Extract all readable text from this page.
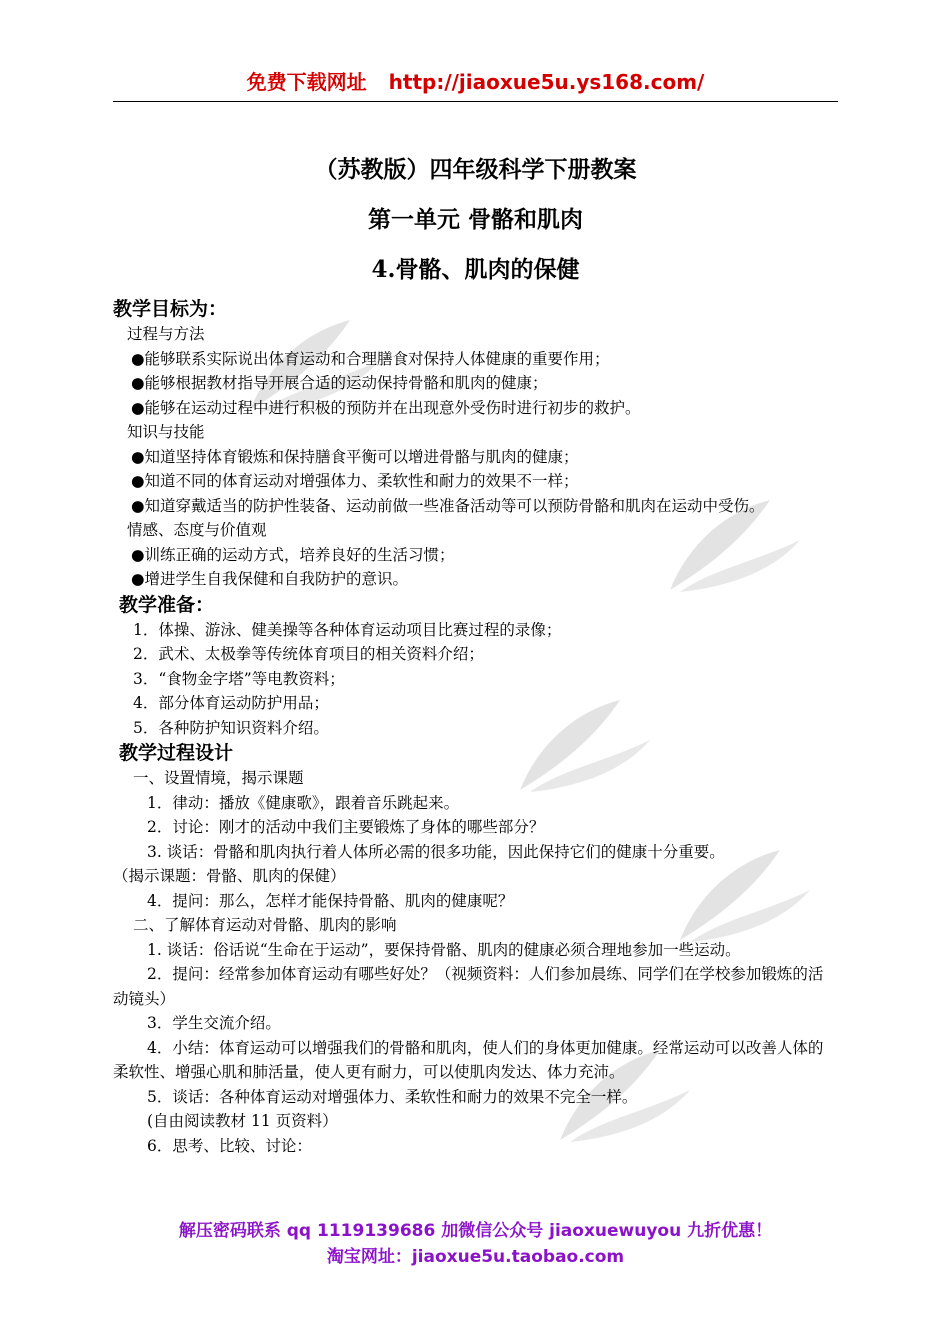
免费下载网址 http://jiaoxue5u.ys168.com/
（苏教版）四年级科学下册教案
第一单元 骨骼和肌肉
4.骨骼、肌肉的保健

教学目标为：

过程与方法

●能够联系实际说出体育运动和合理膳食对保持人体健康的重要作用；

●能够根据教材指导开展合适的运动保持骨骼和肌肉的健康；

●能够在运动过程中进行积极的预防并在出现意外受伤时进行初步的救护。

知识与技能

●知道坚持体育锻炼和保持膳食平衡可以增进骨骼与肌肉的健康；

●知道不同的体育运动对增强体力、柔软性和耐力的效果不一样；

●知道穿戴适当的防护性装备、运动前做一些准备活动等可以预防骨骼和肌肉在运动中受伤。

情感、态度与价值观

●训练正确的运动方式，培养良好的生活习惯；

●增进学生自我保健和自我防护的意识。

教学准备：

1．体操、游泳、健美操等各种体育运动项目比赛过程的录像；

2．武术、太极拳等传统体育项目的相关资料介绍；

3．“食物金字塔”等电教资料；

4．部分体育运动防护用品；

5．各种防护知识资料介绍。

教学过程设计

一、设置情境，揭示课题

1．律动：播放《健康歌》，跟着音乐跳起来。

2．讨论：刚才的活动中我们主要锻炼了身体的哪些部分？

3. 谈话：骨骼和肌肉执行着人体所必需的很多功能，因此保持它们的健康十分重要。

（揭示课题：骨骼、肌肉的保健）

4．提问：那么，怎样才能保持骨骼、肌肉的健康呢？

二、了解体育运动对骨骼、肌肉的影响

1. 谈话：俗话说“生命在于运动”，要保持骨骼、肌肉的健康必须合理地参加一些运动。

2．提问：经常参加体育运动有哪些好处？（视频资料：人们参加晨练、同学们在学校参加锻炼的活动镜头）

3．学生交流介绍。

4．小结：体育运动可以增强我们的骨骼和肌肉，使人们的身体更加健康。经常运动可以改善人体的柔软性、增强心肌和肺活量，使人更有耐力，可以使肌肉发达、体力充沛。

5．谈话：各种体育运动对增强体力、柔软性和耐力的效果不完全一样。

(自由阅读教材 11 页资料）

6．思考、比较、讨论：

解压密码联系 qq 1119139686 加微信公众号 jiaoxuewuyou 九折优惠！

淘宝网址：jiaoxue5u.taobao.com
